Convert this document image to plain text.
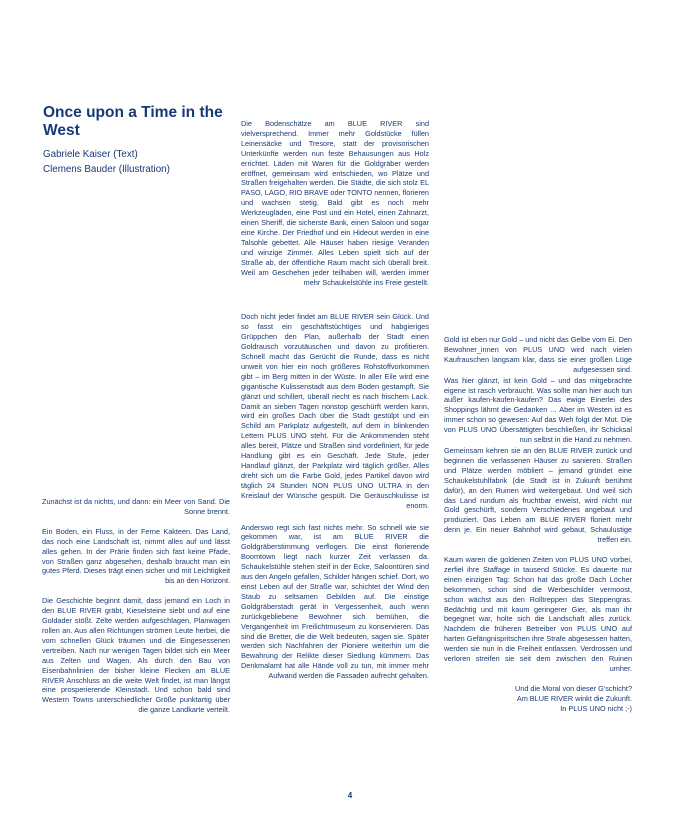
Once upon a Time in the West
Gabriele Kaiser (Text)
Clemens Bauder (Illustration)

Zunächst ist da nichts, und dann: ein Meer von Sand. Die Sonne brennt.

Ein Boden, ein Fluss, in der Ferne Kakteen. Das Land, das noch eine Landschaft ist, nimmt alles auf und lässt alles gehen. In der Prärie finden sich fast keine Pfade, von Straßen ganz abgesehen, deshalb braucht man ein gutes Pferd. Dieses trägt einen sicher und mit Leichtigkeit bis an den Horizont.

Die Geschichte beginnt damit, dass jemand ein Loch in den BLUE RIVER gräbt, Kieselsteine siebt und auf eine Goldader stößt. Zelte werden aufgeschlagen, Planwagen rollen an. Aus allen Richtungen strömen Leute herbei, die vom schnellen Glück träumen und die Eingesessenen vertreiben. Nach nur wenigen Tagen bildet sich ein Meer aus Zelten und Wagen. Als durch den Bau von Eisenbahnlinien der bisher kleine Flecken am BLUE RIVER Anschluss an die weite Welt findet, ist man längst eine prosperierende Kleinstadt. Und schon bald sind Western Towns unterschiedlicher Größe punktartig über die ganze Landkarte verteilt.

Die Bodenschätze am BLUE RIVER sind vielversprechend. Immer mehr Goldstücke füllen Leinensäcke und Tresore, statt der provisorischen Unterkünfte werden nun feste Behausungen aus Holz errichtet. Läden mit Waren für die Goldgräber werden eröffnet, gemeinsam wird entschieden, wo Plätze und Straßen freigehalten werden. Die Städte, die sich stolz EL PASO, LAGO, RIO BRAVE oder TONTO nennen, florieren und wachsen stetig. Bald gibt es noch mehr Werkzeugläden, eine Post und ein Hotel, einen Zahnarzt, einen Sheriff, die sicherste Bank, einen Saloon und sogar eine Kirche. Der Friedhof und ein Hideout werden in eine Talsohle gebettet. Alle Häuser haben riesige Veranden und winzige Zimmer. Alles Leben spielt sich auf der Straße ab, der öffentliche Raum macht sich überall breit. Weil am Geschehen jeder teilhaben will, werden immer mehr Schaukelstühle ins Freie gestellt.

Doch nicht jeder findet am BLUE RIVER sein Glück. Und so fasst ein geschäftstüchtiges und habgieriges Grüppchen den Plan, außerhalb der Stadt einen Goldrausch vorzutäuschen und davon zu profitieren. Schnell macht das Gerücht die Runde, dass es nicht unweit von hier ein noch größeres Rohstoffvorkommen gibt – im Berg mitten in der Wüste. In aller Eile wird eine gigantische Kulissenstadt aus dem Boden gestampft. Sie glänzt und schillert, überall riecht es nach frischem Lack. Damit an sieben Tagen nonstop geschürft werden kann, wird ein großes Dach über die Stadt gestülpt und ein Schild am Parkplatz aufgestellt, auf dem in blinkenden Lettern PLUS UNO steht. Für die Ankommenden steht alles bereit, Plätze und Straßen sind vordefiniert, für jede Handlung gibt es ein Geschäft. Jede Stufe, jeder Handlauf glänzt, der Parkplatz wird täglich größer. Alles dreht sich um die Farbe Gold, jedes Partikel davon wird täglich 24 Stunden NON PLUS UNO ULTRA in den Kreislauf der Wünsche gespült. Die Geräuschkulisse ist enorm.

Anderswo regt sich fast nichts mehr. So schnell wie sie gekommen war, ist am BLUE RIVER die Goldgräberstimmung verflogen. Die einst florierende Boomtown liegt nach kurzer Zeit verlassen da. Schaukelstühle stehen steif in der Ecke, Saloontüren sind aus den Angeln gefallen, Schilder hängen schief. Dort, wo einst Leben auf der Straße war, schichtet der Wind den Staub zu seltsamen Gebilden auf. Die einstige Goldgräberstadt gerät in Vergessenheit, auch wenn zurückgebliebene Bewohner sich bemühen, die Vergangenheit im Freilichtmuseum zu konservieren. Das sind die Bretter, die die Welt bedeuten, sagen sie. Später werden sich Nachfahren der Pioniere weiterhin um die Bewahrung der Relikte dieser Siedlung kümmern. Das Denkmalamt hat alle Hände voll zu tun, mit immer mehr Aufwand werden die Fassaden aufrecht gehalten.

Gold ist eben nur Gold – und nicht das Gelbe vom Ei. Den Bewohner_innen von PLUS UNO wird nach vielen Kaufrauschen langsam klar, dass sie einer großen Lüge aufgesessen sind.

Was hier glänzt, ist kein Gold – und das mitgebrachte eigene ist rasch verbraucht. Was sollte man hier auch tun außer kaufen-kaufen-kaufen? Das ewige Einerlei des Shoppings lähmt die Gedanken … Aber im Westen ist es immer schon so gewesen: Auf das Weh folgt der Mut. Die von PLUS UNO Übersättigten beschließen, ihr Schicksal nun selbst in die Hand zu nehmen.

Gemeinsam kehren sie an den BLUE RIVER zurück und beginnen die verlassenen Häuser zu sanieren. Straßen und Plätze werden möbliert – jemand gründet eine Schaukelstuhlfabrik (die Stadt ist in Zukunft berühmt dafür), an den Ruinen wird weitergebaut. Und weil sich das Land rundum als fruchtbar erweist, wird nicht nur Gold geschürft, sondern Verschiedenes angebaut und produziert. Das Leben am BLUE RIVER floriert mehr denn je. Ein neuer Bahnhof wird gebaut, Schaulustige treffen ein.

Kaum waren die goldenen Zeiten von PLUS UNO vorbei, zerfiel ihre Staffage in tausend Stücke. Es dauerte nur einen einzigen Tag: Schon hat das große Dach Löcher bekommen, schon sind die Werbeschilder vermoost, schon wächst aus den Rolltreppen das Steppengras. Bedächtig und mit kaum geringerer Gier, als man ihr begegnet war, holte sich die Landschaft alles zurück. Nachdem die früheren Betreiber von PLUS UNO auf harten Gefängnispritschen ihre Strafe abgesessen hatten, werden sie nun in die Freiheit entlassen. Verdrossen und verloren streifen sie seit dem zwischen den Ruinen umher.

Und die Moral von dieser G'schicht?

Am BLUE RIVER winkt die Zukunft.

In PLUS UNO nicht ;-)

4
